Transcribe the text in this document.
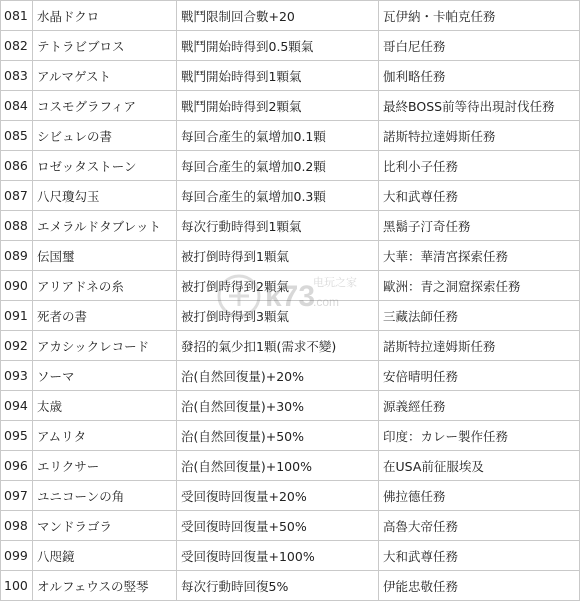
081	水晶ドクロ	戰鬥限制回合數+20	瓦伊納・卡帕克任務
082	テトラビブロス	戰鬥開始時得到0.5顆氣	哥白尼任務
083	アルマゲスト	戰鬥開始時得到1顆氣	伽利略任務
084	コスモグラフィア	戰鬥開始時得到2顆氣	最終BOSS前等待出現討伐任務
085	シビュレの書	每回合產生的氣增加0.1顆	諾斯特拉達姆斯任務
086	ロゼッタストーン	每回合產生的氣增加0.2顆	比利小子任務
087	八尺瓊勾玉	每回合產生的氣增加0.3顆	大和武尊任務
088	エメラルドタブレット	每次行動時得到1顆氣	黑鬍子汀奇任務
089	伝国璽	被打倒時得到1顆氣	大華：華清宮探索任務
090	アリアドネの糸	被打倒時得到2顆氣	歐洲：青之洞窟探索任務
091	死者の書	被打倒時得到3顆氣	三藏法師任務
092	アカシックレコード	發招的氣少扣1顆(需求不變)	諾斯特拉達姆斯任務
093	ソーマ	治(自然回復量)+20%	安倍晴明任務
094	太歳	治(自然回復量)+30%	源義經任務
095	アムリタ	治(自然回復量)+50%	印度：カレー製作任務
096	エリクサー	治(自然回復量)+100%	在USA前征服埃及
097	ユニコーンの角	受回復時回復量+20%	佛拉德任務
098	マンドラゴラ	受回復時回復量+50%	高魯大帝任務
099	八咫鏡	受回復時回復量+100%	大和武尊任務
100	オルフェウスの竪琴	每次行動時回復5%	伊能忠敬任務
k73
电玩之家
.com
